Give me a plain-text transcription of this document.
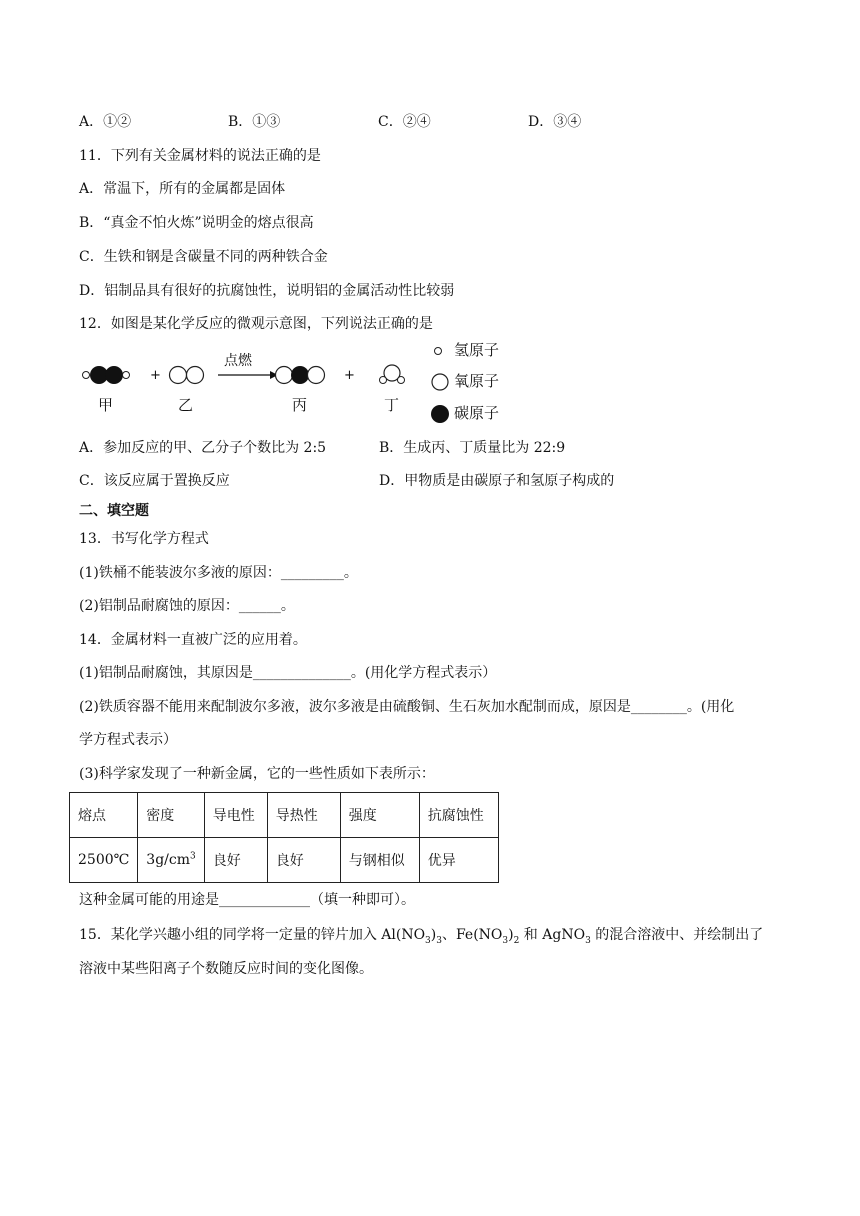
A．①②	B．①③	C．②④	D．③④
11．下列有关金属材料的说法正确的是
A．常温下，所有的金属都是固体
B．“真金不怕火炼”说明金的熔点很高
C．生铁和钢是含碳量不同的两种铁合金
D．铝制品具有很好的抗腐蚀性，说明铝的金属活动性比较弱
12．如图是某化学反应的微观示意图，下列说法正确的是
+	+
点燃
甲	乙	丙	丁
氢原子
氧原子
碳原子
A．参加反应的甲、乙分子个数比为 2:5	B．生成丙、丁质量比为 22:9
C．该反应属于置换反应	D．甲物质是由碳原子和氢原子构成的
二、填空题
13．书写化学方程式
(1)铁桶不能装波尔多液的原因：_________。
(2)铝制品耐腐蚀的原因：______。
14．金属材料一直被广泛的应用着。
(1)铝制品耐腐蚀，其原因是______________。(用化学方程式表示）
(2)铁质容器不能用来配制波尔多液，波尔多液是由硫酸铜、生石灰加水配制而成，原因是________。(用化
学方程式表示）
(3)科学家发现了一种新金属，它的一些性质如下表所示：
熔点	密度	导电性	导热性	强度	抗腐蚀性
2500℃	$3g/cm^3$	良好	良好	与钢相似	优异
这种金属可能的用途是_____________（填一种即可）。
15．某化学兴趣小组的同学将一定量的锌片加入 $Al(NO_3)_3$、$Fe(NO_3)_2$ 和 AgNO$_3$ 的混合溶液中、并绘制出了
溶液中某些阳离子个数随反应时间的变化图像。
